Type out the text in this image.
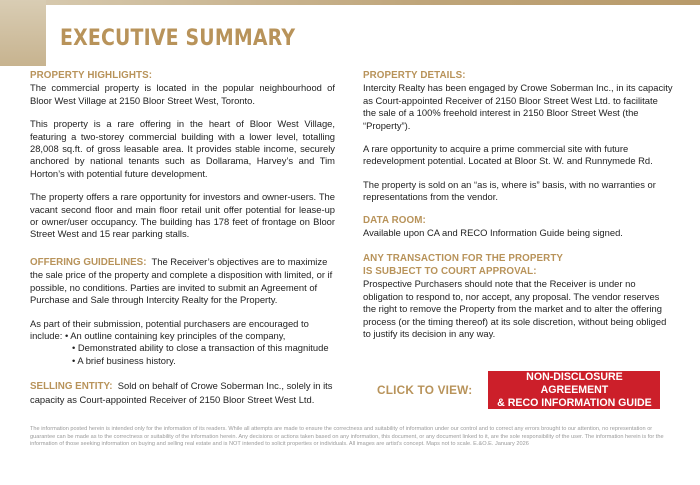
EXECUTIVE SUMMARY
PROPERTY HIGHLIGHTS:

The commercial property is located in the popular neighbourhood of Bloor West Village at 2150 Bloor Street West, Toronto.

This property is a rare offering in the heart of Bloor West Village, featuring a two-storey commercial building with a lower level, totalling 28,008 sq.ft. of gross leasable area. It provides stable income, securely anchored by national tenants such as Dollarama, Harvey’s and Tim Horton’s with potential future development.

The property offers a rare opportunity for investors and owner-users. The vacant second floor and main floor retail unit offer potential for lease-up or owner/user occupancy. The building has 178 feet of frontage on Bloor Street West and 15 rear parking stalls.

OFFERING GUIDELINES: The Receiver’s objectives are to maximize the sale price of the property and complete a disposition with limited, or if possible, no conditions. Parties are invited to submit an Agreement of Purchase and Sale through Intercity Realty for the Property.

As part of their submission, potential purchasers are encouraged to

include:
• An outline containing key principles of the company,
• Demonstrated ability to close a transaction of this magnitude
• A brief business history.

SELLING ENTITY: Sold on behalf of Crowe Soberman Inc., solely in its capacity as Court-appointed Receiver of 2150 Bloor Street West Ltd.

PROPERTY DETAILS:

Intercity Realty has been engaged by Crowe Soberman Inc., in its capacity as Court-appointed Receiver of 2150 Bloor Street West Ltd. to facilitate the sale of a 100% freehold interest in 2150 Bloor Street West (the “Property”).

A rare opportunity to acquire a prime commercial site with future redevelopment potential. Located at Bloor St. W. and Runnymede Rd.

The property is sold on an “as is, where is” basis, with no warranties or representations from the vendor.

DATA ROOM:

Available upon CA and RECO Information Guide being signed.

ANY TRANSACTION FOR THE PROPERTY
IS SUBJECT TO COURT APPROVAL:

Prospective Purchasers should note that the Receiver is under no obligation to respond to, nor accept, any proposal. The vendor reserves the right to remove the Property from the market and to alter the offering process (or the timing thereof) at its sole discretion, without being obliged to justify its decision in any way.

CLICK TO VIEW:
NON-DISCLOSURE AGREEMENT
& RECO INFORMATION GUIDE

The information posted herein is intended only for the information of its readers. While all attempts are made to ensure the correctness and suitability of information under our control and to correct any errors brought to our attention, no representation or guarantee can be made as to the correctness or suitability of the information herein. Any decisions or actions taken based on any information, this document, or any document linked to it, are the sole responsibility of the user. The information herein is for the information of those seeking information on buying and selling real estate and is NOT intended to solicit properties or individuals. All images are artist’s concept. Maps not to scale. E.&O.E. January 2026
